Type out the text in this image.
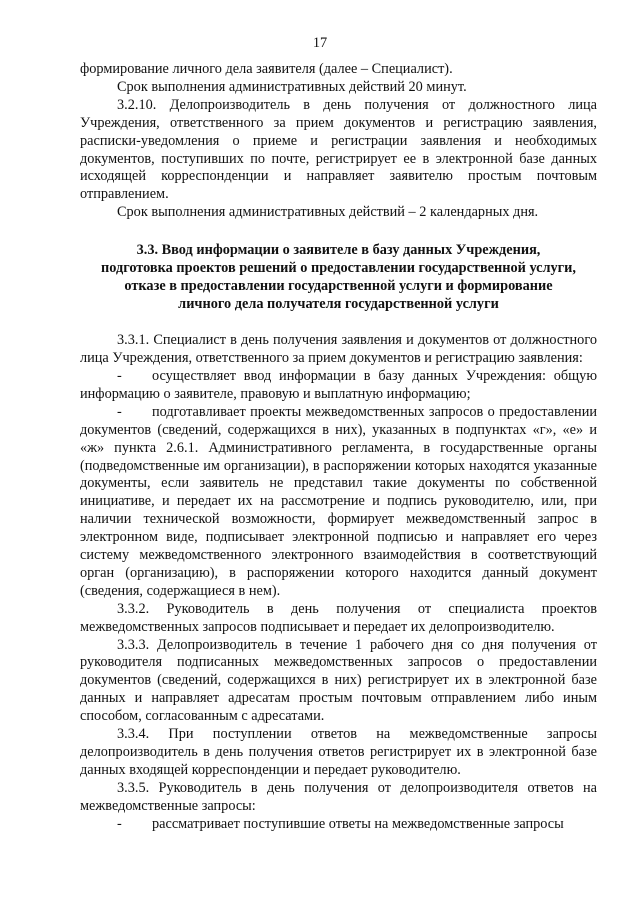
17

формирование личного дела заявителя (далее – Специалист).

Срок выполнения административных действий 20 минут.

3.2.10. Делопроизводитель в день получения от должностного лица Учреждения, ответственного за прием документов и регистрацию заявления, расписки-уведомления о приеме и регистрации заявления и необходимых документов, поступивших по почте, регистрирует ее в электронной базе данных исходящей корреспонденции и направляет заявителю простым почтовым отправлением.

Срок выполнения административных действий – 2 календарных дня.

3.3. Ввод информации о заявителе в базу данных Учреждения,
подготовка проектов решений о предоставлении государственной услуги,
отказе в предоставлении государственной услуги и формирование
личного дела получателя государственной услуги

3.3.1. Специалист в день получения заявления и документов от должностного лица Учреждения, ответственного за прием документов и регистрацию заявления:

- осуществляет ввод информации в базу данных Учреждения: общую информацию о заявителе, правовую и выплатную информацию;

- подготавливает проекты межведомственных запросов о предоставлении документов (сведений, содержащихся в них), указанных в подпунктах «г», «е» и «ж» пункта 2.6.1. Административного регламента, в государственные органы (подведомственные им организации), в распоряжении которых находятся указанные документы, если заявитель не представил такие документы по собственной инициативе, и передает их на рассмотрение и подпись руководителю, или, при наличии технической возможности, формирует межведомственный запрос в электронном виде, подписывает электронной подписью и направляет его через систему межведомственного электронного взаимодействия в соответствующий орган (организацию), в распоряжении которого находится данный документ (сведения, содержащиеся в нем).

3.3.2. Руководитель в день получения от специалиста проектов межведомственных запросов подписывает и передает их делопроизводителю.

3.3.3. Делопроизводитель в течение 1 рабочего дня со дня получения от руководителя подписанных межведомственных запросов о предоставлении документов (сведений, содержащихся в них) регистрирует их в электронной базе данных и направляет адресатам простым почтовым отправлением либо иным способом, согласованным с адресатами.

3.3.4. При поступлении ответов на межведомственные запросы делопроизводитель в день получения ответов регистрирует их в электронной базе данных входящей корреспонденции и передает руководителю.

3.3.5. Руководитель в день получения от делопроизводителя ответов на межведомственные запросы:

- рассматривает поступившие ответы на межведомственные запросы
